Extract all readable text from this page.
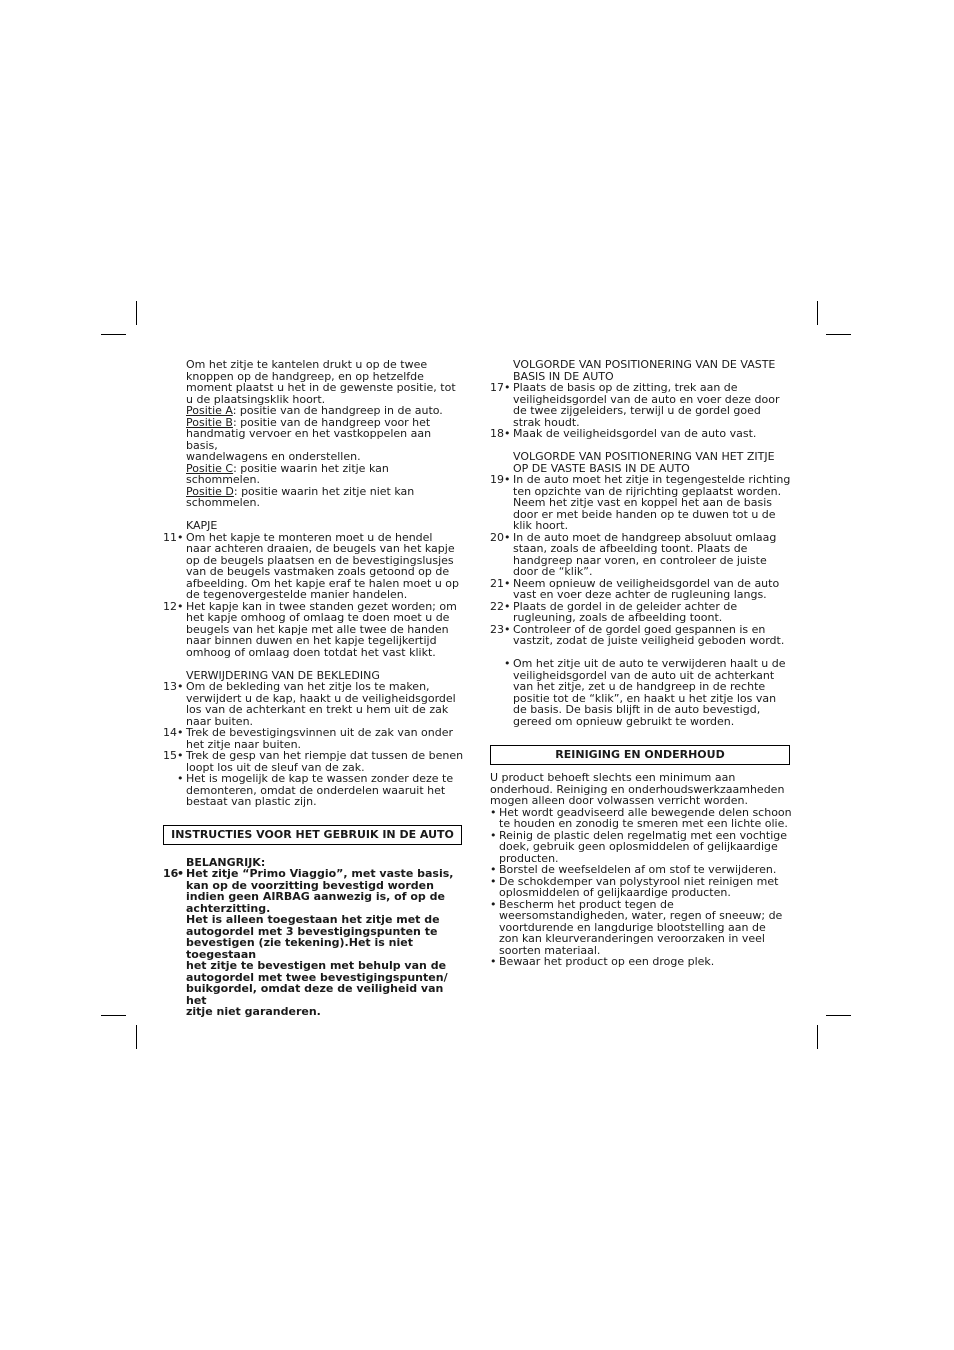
Om het zitje te kantelen drukt u op de twee
knoppen op de handgreep, en op hetzelfde
moment plaatst u het in de gewenste positie, tot
u de plaatsingsklik hoort.
Positie A: positie van de handgreep in de auto.
Positie B: positie van de handgreep voor het
handmatig vervoer en het vastkoppelen aan basis,
wandelwagens en onderstellen.
Positie C: positie waarin het zitje kan
schommelen.
Positie D: positie waarin het zitje niet kan
schommelen.
KAPJE
11 • Om het kapje te monteren moet u de hendel
naar achteren draaien, de beugels van het kapje
op de beugels plaatsen en de bevestigingslusjes
van de beugels vastmaken zoals getoond op de
afbeelding. Om het kapje eraf te halen moet u op
de tegenovergestelde manier handelen.
12 • Het kapje kan in twee standen gezet worden; om
het kapje omhoog of omlaag te doen moet u de
beugels van het kapje met alle twee de handen
naar binnen duwen en het kapje tegelijkertijd
omhoog of omlaag doen totdat het vast klikt.
VERWIJDERING VAN DE BEKLEDING
13 • Om de bekleding van het zitje los te maken,
verwijdert u de kap, haakt u de veiligheidsgordel
los van de achterkant en trekt u hem uit de zak
naar buiten.
14 • Trek de bevestigingsvinnen uit de zak van onder
het zitje naar buiten.
15 • Trek de gesp van het riempje dat tussen de benen
loopt los uit de sleuf van de zak.
• Het is mogelijk de kap te wassen zonder deze te
demonteren, omdat de onderdelen waaruit het
bestaat van plastic zijn.
INSTRUCTIES VOOR HET GEBRUIK IN DE AUTO
BELANGRIJK:
16
• Het zitje “Primo Viaggio”, met vaste basis,
kan op de voorzitting bevestigd worden
indien geen AIRBAG aanwezig is, of op de
achterzitting.
Het is alleen toegestaan het zitje met de
autogordel met 3 bevestigingspunten te
bevestigen (zie tekening).Het is niet toegestaan
het zitje te bevestigen met behulp van de
autogordel met twee bevestigingspunten/
buikgordel, omdat deze de veiligheid van het
zitje niet garanderen.
VOLGORDE VAN POSITIONERING VAN DE VASTE
BASIS IN DE AUTO
17 • Plaats de basis op de zitting, trek aan de
veiligheidsgordel van de auto en voer deze door
de twee zijgeleiders, terwijl u de gordel goed
strak houdt.
18 • Maak de veiligheidsgordel van de auto vast.
VOLGORDE VAN POSITIONERING VAN HET ZITJE
OP DE VASTE BASIS IN DE AUTO
19 • In de auto moet het zitje in tegengestelde richting
ten opzichte van de rijrichting geplaatst worden.
Neem het zitje vast en koppel het aan de basis
door er met beide handen op te duwen tot u de
klik hoort.
20 • In de auto moet de handgreep absoluut omlaag
staan, zoals de afbeelding toont. Plaats de
handgreep naar voren, en controleer de juiste
door de “klik”.
21 • Neem opnieuw de veiligheidsgordel van de auto
vast en voer deze achter de rugleuning langs.
22 • Plaats de gordel in de geleider achter de
rugleuning, zoals de afbeelding toont.
23 • Controleer of de gordel goed gespannen is en
vastzit, zodat de juiste veiligheid geboden wordt.
• Om het zitje uit de auto te verwijderen haalt u de
veiligheidsgordel van de auto uit de achterkant
van het zitje, zet u de handgreep in de rechte
positie tot de “klik”, en haakt u het zitje los van
de basis. De basis blijft in de auto bevestigd,
gereed om opnieuw gebruikt te worden.
REINIGING EN ONDERHOUD
U product behoeft slechts een minimum aan
onderhoud. Reiniging en onderhoudswerkzaamheden
mogen alleen door volwassen verricht worden.
• Het wordt geadviseerd alle bewegende delen schoon
te houden en zonodig te smeren met een lichte olie.
• Reinig de plastic delen regelmatig met een vochtige
doek, gebruik geen oplosmiddelen of gelijkaardige
producten.
• Borstel de weefseldelen af om stof te verwijderen.
• De schokdemper van polystyrool niet reinigen met
oplosmiddelen of gelijkaardige producten.
• Bescherm het product tegen de
weersomstandigheden, water, regen of sneeuw; de
voortdurende en langdurige blootstelling aan de
zon kan kleurveranderingen veroorzaken in veel
soorten materiaal.
• Bewaar het product op een droge plek.
